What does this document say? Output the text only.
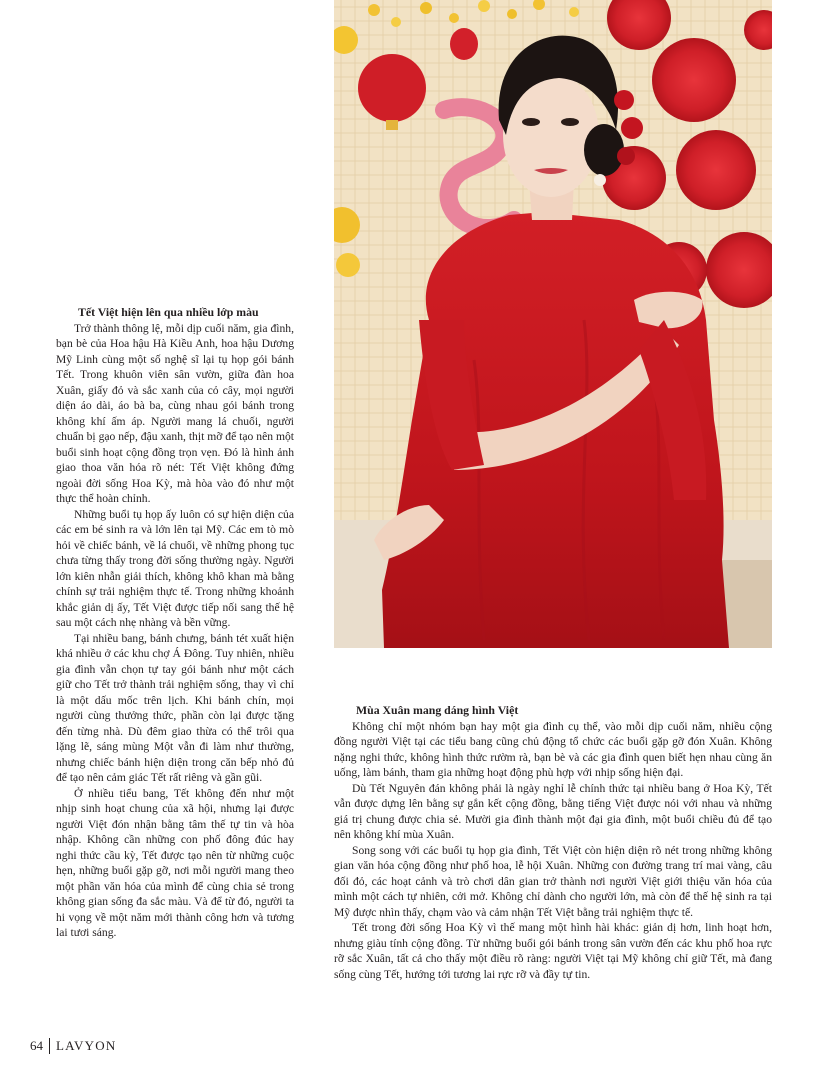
Tết Việt hiện lên qua nhiều lớp màu

Trở thành thông lệ, mỗi dịp cuối năm, gia đình, bạn bè của Hoa hậu Hà Kiều Anh, hoa hậu Dương Mỹ Linh cùng một số nghệ sĩ lại tụ họp gói bánh Tết. Trong khuôn viên sân vườn, giữa đàn hoa Xuân, giấy đỏ và sắc xanh của cỏ cây, mọi người diện áo dài, áo bà ba, cùng nhau gói bánh trong không khí ấm áp. Người mang lá chuối, người chuẩn bị gạo nếp, đậu xanh, thịt mỡ để tạo nên một buổi sinh hoạt cộng đồng trọn vẹn. Đó là hình ảnh giao thoa văn hóa rõ nét: Tết Việt không đứng ngoài đời sống Hoa Kỳ, mà hòa vào đó như một thực thể hoàn chỉnh.

Những buổi tụ họp ấy luôn có sự hiện diện của các em bé sinh ra và lớn lên tại Mỹ. Các em tò mò hỏi về chiếc bánh, về lá chuối, về những phong tục chưa từng thấy trong đời sống thường ngày. Người lớn kiên nhẫn giải thích, không khô khan mà bằng chính sự trải nghiệm thực tế. Trong những khoảnh khắc giản dị ấy, Tết Việt được tiếp nối sang thế hệ sau một cách nhẹ nhàng và bền vững.

Tại nhiều bang, bánh chưng, bánh tét xuất hiện khá nhiều ở các khu chợ Á Đông. Tuy nhiên, nhiều gia đình vẫn chọn tự tay gói bánh như một cách giữ cho Tết trở thành trải nghiệm sống, thay vì chỉ là một dấu mốc trên lịch. Khi bánh chín, mọi người cùng thưởng thức, phần còn lại được tặng đến từng nhà. Dù đêm giao thừa có thể trôi qua lặng lẽ, sáng mùng Một vẫn đi làm như thường, nhưng chiếc bánh hiện diện trong căn bếp nhỏ đủ để tạo nên cảm giác Tết rất riêng và gần gũi.

Ở nhiều tiểu bang, Tết không đến như một nhịp sinh hoạt chung của xã hội, nhưng lại được người Việt đón nhận bằng tâm thế tự tin và hòa nhập. Không cần những con phố đông đúc hay nghi thức cầu kỳ, Tết được tạo nên từ những cuộc hẹn, những buổi gặp gỡ, nơi mỗi người mang theo một phần văn hóa của mình để cùng chia sẻ trong không gian sống đa sắc màu. Và để từ đó, người ta hi vọng về một năm mới thành công hơn và tương lai tươi sáng.

Mùa Xuân mang dáng hình Việt

Không chỉ một nhóm bạn hay một gia đình cụ thể, vào mỗi dịp cuối năm, nhiều cộng đồng người Việt tại các tiểu bang cũng chủ động tổ chức các buổi gặp gỡ đón Xuân. Không nặng nghi thức, không hình thức rườm rà, bạn bè và các gia đình quen biết hẹn nhau cùng ăn uống, làm bánh, tham gia những hoạt động phù hợp với nhịp sống hiện đại.

Dù Tết Nguyên đán không phải là ngày nghỉ lễ chính thức tại nhiều bang ở Hoa Kỳ, Tết vẫn được dựng lên bằng sự gắn kết cộng đồng, bằng tiếng Việt được nói với nhau và những giá trị chung được chia sẻ. Mười gia đình thành một đại gia đình, một buổi chiều đủ để tạo nên không khí mùa Xuân.

Song song với các buổi tụ họp gia đình, Tết Việt còn hiện diện rõ nét trong những không gian văn hóa cộng đồng như phố hoa, lễ hội Xuân. Những con đường trang trí mai vàng, câu đối đỏ, các hoạt cảnh và trò chơi dân gian trở thành nơi người Việt giới thiệu văn hóa của mình một cách tự nhiên, cởi mở. Không chỉ dành cho người lớn, mà còn để thế hệ sinh ra tại Mỹ được nhìn thấy, chạm vào và cảm nhận Tết Việt bằng trải nghiệm thực tế.

Tết trong đời sống Hoa Kỳ vì thế mang một hình hài khác: giản dị hơn, linh hoạt hơn, nhưng giàu tính cộng đồng. Từ những buổi gói bánh trong sân vườn đến các khu phố hoa rực rỡ sắc Xuân, tất cả cho thấy một điều rõ ràng: người Việt tại Mỹ không chỉ giữ Tết, mà đang sống cùng Tết, hướng tới tương lai rực rỡ và đầy tự tin.

64 LAVYON
